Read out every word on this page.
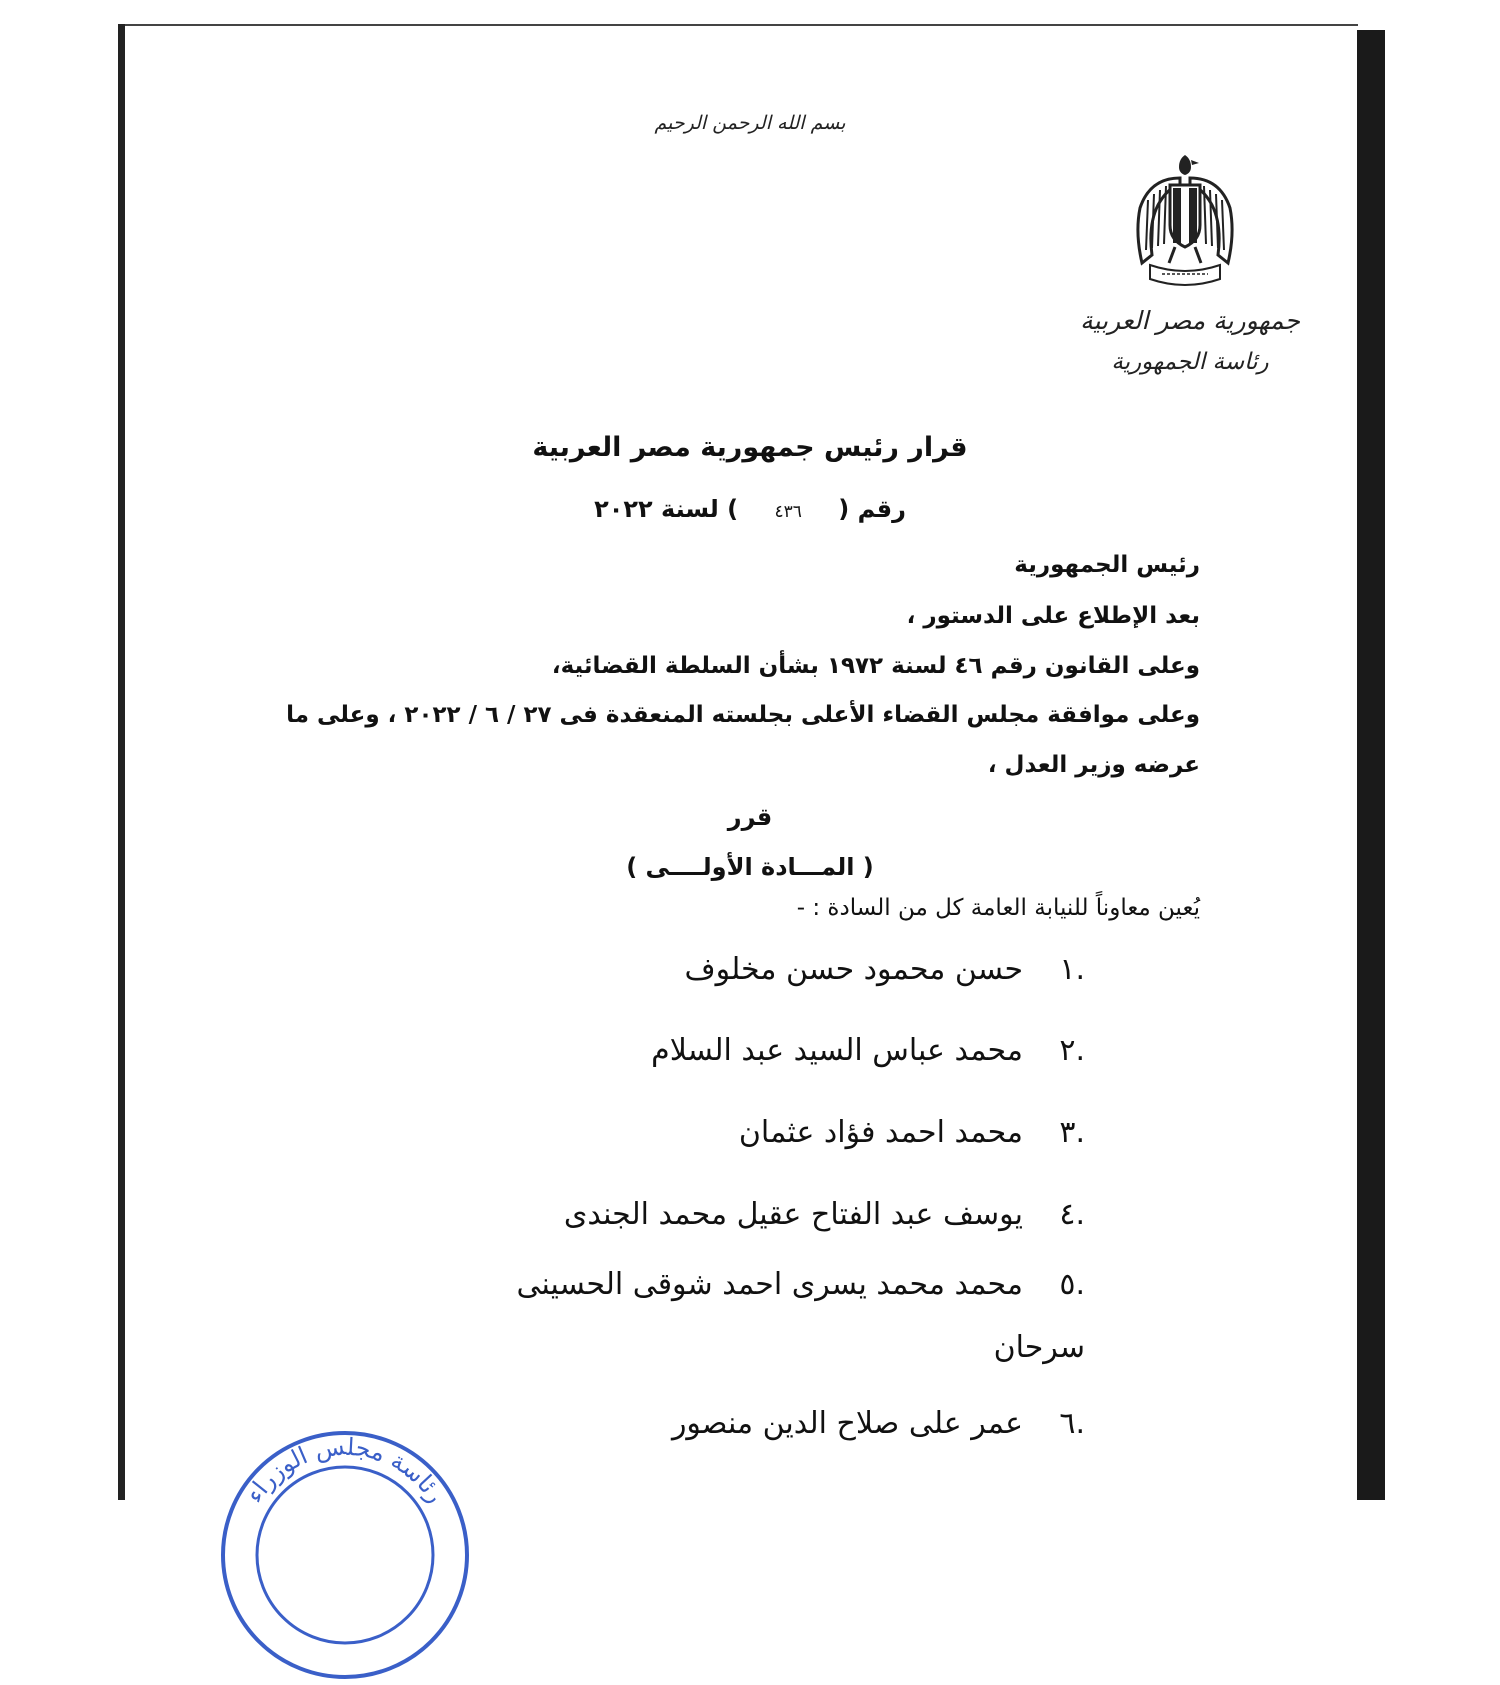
بسم الله الرحمن الرحيم
جمهورية مصر العربية
رئاسة الجمهورية
قرار رئيس جمهورية مصر العربية
رقم ( ٤٣٦ ) لسنة ٢٠٢٢
رئيس الجمهورية
بعد الإطلاع على الدستور ،
وعلى القانون رقم ٤٦ لسنة ١٩٧٢ بشأن السلطة القضائية،
وعلى موافقة مجلس القضاء الأعلى بجلسته المنعقدة فى ٢٧ / ٦ / ٢٠٢٢ ، وعلى ما
عرضه وزير العدل ،
قرر
( المـــادة الأولــــى )
يُعين معاوناً للنيابة العامة كل من السادة : -
.١حسن محمود حسن مخلوف
.٢محمد عباس السيد عبد السلام
.٣محمد احمد فؤاد عثمان
.٤يوسف عبد الفتاح عقيل محمد الجندى
.٥محمد محمد يسرى احمد شوقى الحسينى
سرحان
.٦عمر على صلاح الدين منصور
رئاسة مجلس الوزراء
